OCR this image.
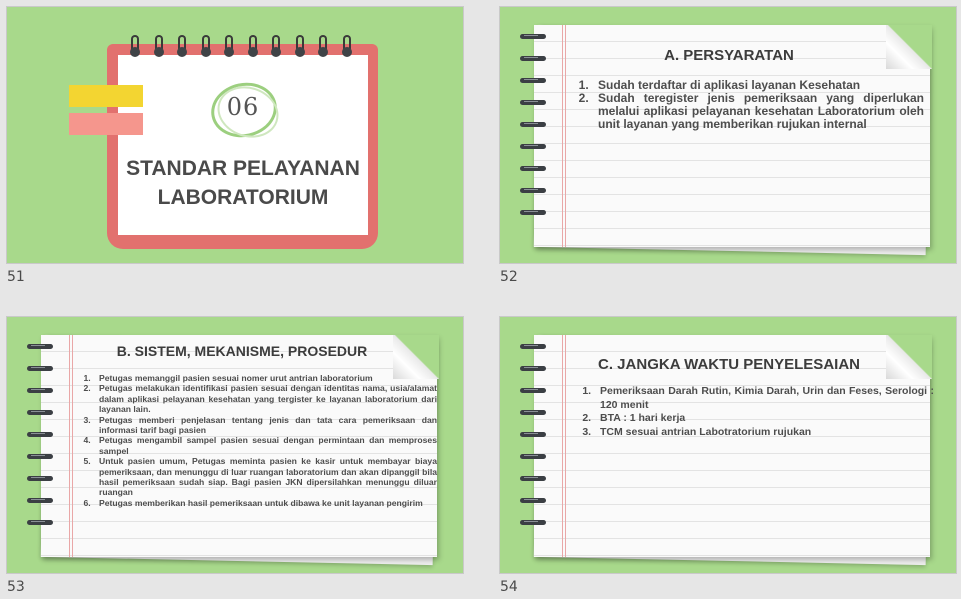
06
STANDAR PELAYANAN
LABORATORIUM
51
A. PERSYARATAN
1. Sudah terdaftar di aplikasi layanan Kesehatan
2. Sudah teregister jenis pemeriksaan yang diperlukan melalui aplikasi pelayanan kesehatan Laboratorium oleh unit layanan yang memberikan rujukan internal
52
B. SISTEM, MEKANISME, PROSEDUR
1. Petugas memanggil pasien sesuai nomer urut antrian laboratorium
2. Petugas melakukan identifikasi pasien sesuai dengan identitas nama, usia/alamat dalam aplikasi pelayanan kesehatan yang tergister ke layanan laboratorium dari layanan lain.
3. Petugas memberi penjelasan tentang jenis dan tata cara pemeriksaan dan informasi tarif bagi pasien
4. Petugas mengambil sampel pasien sesuai dengan permintaan dan memproses sampel
5. Untuk pasien umum, Petugas meminta pasien ke kasir untuk membayar biaya pemeriksaan, dan menunggu di luar ruangan laboratorium dan akan dipanggil bila hasil pemeriksaan sudah siap. Bagi pasien JKN dipersilahkan menunggu diluar ruangan
6. Petugas memberikan hasil pemeriksaan untuk dibawa ke unit layanan pengirim
53
C. JANGKA WAKTU PENYELESAIAN
1. Pemeriksaan Darah Rutin, Kimia Darah, Urin dan Feses, Serologi : 120 menit
2. BTA : 1 hari kerja
3. TCM sesuai antrian Labotratorium rujukan
54
